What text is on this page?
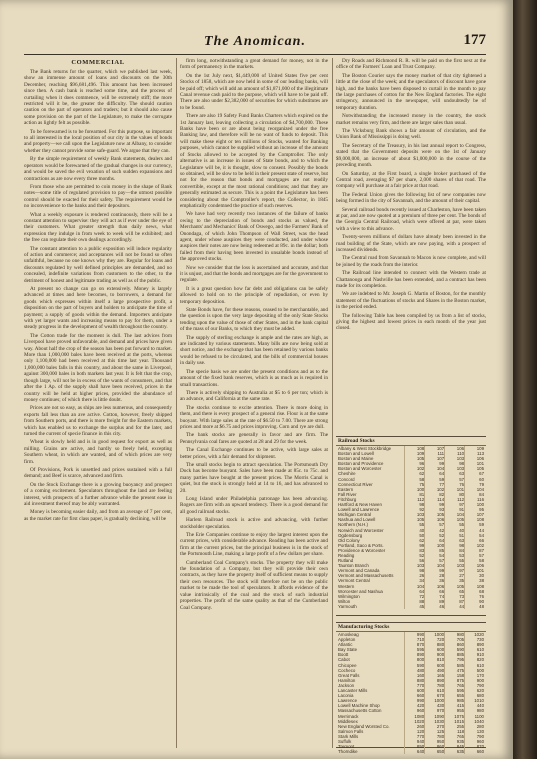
The Anomican.	177
COMMERCIAL

The Bank returns for the quarter, which we published last week, show an immense amount of loans and discounts on the 30th December, reaching $96,681,496. This amount has been increased since then. A cash bank is reached some time, and the process of curtailing when it does commence, will be extremely stiff; the more restricted will it be, the greater the difficulty. The should caution caution on the part of operators and traders; but it should also cause some provision on the part of the Legislature, to make the corrugate action as lightly felt as possible.

To be forewarned is to be forearmed. For this purpose, so important to all interested in the local position of our city in the values of bonds and property—we call upon the Legislature now at Albany, to consider whether they cannot provide some safe-guard. We argue that they can.

By the simple requirement of weekly Bank statements, dealers and operators would be forewarned of the gradual changes in our currency, and would be saved the evil vexation of such sudden expansions and contractions as are now every three months.

From those who are permitted to coin money in the shape of Bank notes—some title of regulated provision to pay—the utmost possible control should be exacted for their safety. The requirement would be no inconvenience to the banks and their depositors.

What a weekly exposure is rendered continuously, there will be a constant attention to supervise: they will act as if ever under the eye of their customers. What greater strength than daily news, what expression they indulge in from week to week will be exhibited; and the free can regulate their own dealings accordingly.

The constant attention to a public exposition will induce regularity of action and commerce; and acceptances will not be found so often unfaithful, because no one knows why they are. Regular for loans and discounts regulated by well defined principles are demanded, and no concealed, indefinite variations from customers to the other, to the detriment of honest and legitimate trading as well as of the public.

At present no change can go on extensively. Money is largely advanced at times and here becomes, to borrowers, a demand for goods which expresses within itself a large prospective profit, a disposition on the part of buyers and holders to anticipate the time of payment; a supply of goods within the demand. Importers anticipate with yet larger wants and increasing means to pay for them, under a steady progress in the development of wealth throughout the country.

The Cotton trade for the moment is dull. The last advices from Liverpool have proved unfavorable, and demand and prices have given way. About half the crop of the season has been put forward to market. More than 1,000,000 bales have been received at the ports, whereas only 1,100,000 had been received at this time last year. Thousand 1,000,000 bales falls in this country, and about the same in Liverpool, against 300,000 bales in both markets last year. It is felt that the crop, though large, will not be in excess of the wants of consumers, and that after the 1 Ap. of the supply shall have been received, prices in the country will be held at higher prices, provided the abundance of money continues; of which there is little doubt.

Prices are not so easy, as ships are less numerous, and consequently exports fall less than an ave active. Cotton, however, freely shipped from Southern ports, and there is more freight for the Eastern markets, which has enabled us to exchange the surplus and for the later, and turned the current of specie finance in this city.

Wheat is slowly held and is in good request for export as well as milling. Grains are active, and hardly so freely held, excepting Southern wheat, in which are wanted, and of which prices are very firm.

Of Provisions, Pork is unsettled and prices sustained with a full demand; and Beef is scarce, advanced and firm.

On the Stock Exchange there is a growing buoyancy and prospect of a coming excitement. Speculators throughout the land are feeling interest, with prospects of a further advance while the present ease in aid investment thereof may be ably warranted.

Money is becoming easier daily, and from an average of 7 per cent, as the market rate for first class paper, is gradually declining, will be

firm long, notwithstanding a great demand for money, not in the form of permanency in the markets.

On the 1st July next, $1,449,000 of United States five per cent Stocks of 1858, which are now held in some of our leading banks, will be paid off; which will add an amount of $1,871,000 of the illegitimate Canal revenue cash paid to the purpose, which will have to be paid off. There are also under $2,382,000 of securities for which substitutes are to be found.

There are also 19 Safety Fund Banks Charters which expired on the 1st January last, leaving collecting a circulation of $4,700,000. These Banks have been or are about being reorganized under the free Banking law, and therefore will be no want of funds to deposit. This will make these eight or ten millions of Stocks, wanted for Banking purposes, which cannot be supplied without an increase of the amount of Stocks allowed to be accepted by the Comptroller. The only alternative is an increase in issues of State bonds, and to which the Legislature will be, it is thought, slow to consent. Possibly the bonds so obtained, will be slow to be held in their present state of reserve, but not for the reason that bonds and mortgages are not readily convertible, except at the most rational conditions; and that they are generally estimated as secure. This is a point the Legislature has been considering about the Comptroller's report, the Collector, in 1845 emphatically condemned the practice of such reserves.

We have had very recently two instances of the failure of banks owing to the depreciation of bonds and stocks as valued, the Merchants' and Mechanics' Bank of Oswego, and the Farmers' Bank of Onondaga, of which John Thompson of Wall Street, was the head agent, under whose auspices they were conducted, and under whose auspices their notes are now being redeemed at 89c. in the dollar; both failed from their having been invested in unsalable bonds instead of the approved stocks.

Now we consider that the loss is ascertained and accurate, and that it is unjust, and that the bonds and mortgages are for the government to regulate.

It is a great question how far debt and obligations can be safely allowed to hold on to the principle of repudiation, or even by temporary deposition.

State Bonds have, for these reasons, ceased to be merchantable, and the question is upon the very large depositing of the only State Stocks tending upon the value of those of other States, and in the bank capital of the mass of our Banks, to which they must be added.

The supply of sterling exchange is ample and the rates are high, as are indicated by various statements. Many bills are now being sold at short notice, and the exchange that has been retained by various banks would be refused to be circulated, and the bills of commercial houses in daily use.

The specie basis we are under the present conditions and as to the amount of the fixed bank reserves, which is as much as is required in small transactions.

There is actively shipping to Australia at $5 to 6 per ton; which is an advance, and California at the same rate.

The stocks continue to excite attention. There is more doing in them, and there is every prospect of a general rise. Flour is at the same buoyant. With large sales at the rate of $6.50 to 7.00. There are strong prices and more at $6.75 and prices improving. Corn and rye are dull.

The bank stocks are generally in favor and are firm. The Pennsylvania coal fares are quoted at 28 and 29 for the week.

The Canal Exchange continues to be active, with large sales at better prices, with a fair demand for shipment.

The small stocks begin to attract speculation. The Portsmouth Dry Dock has become buoyant. Sales have been made at 85c. to 75c. and many parties have bought at the present prices. The Morris Canal is quiet, but the stock is strongly held at 14 to 16, and has advanced to 20.

Long Island under Philadelphia patronage has been advancing. Rogers are firm with an upward tendency. There is a good demand for all good railroad stocks.

Harlem Railroad stock is active and advancing, with further stockholder speculation.

The Erie Companies continue to enjoy the largest interest upon the current prices, with considerable advance. Reading has been active and firm at the current prices, but the principal business is in the stock of the Portsmouth Line, making a large profit of a few dollars per share.

Cumberland Coal Company's stocks. The property they will make the foundation of a Company, but they will provide their own contracts, as they have the property itself of sufficient means to supply their own resources. The stock will therefore not be on the public market to be made the tool of speculators. It affords evidence of the value intrinsically of the coal and the stock of such industrial properties. The profit of the same quality as that of the Cumberland Coal Company.

Dry Roads and Richmond R. R. will be paid on the first next at the office of the Farmers' Loan and Trust Company.

The Boston Courier says the money market of that city tightened a little at the close of the week; and the speculators of discount have gone high, and the banks have been disposed to curtail in the month to pay the large purchases of cotton for the New England factories. The eight stringency, announced in the newspaper, will undoubtedly be of temporary duration.

Notwithstanding the increased money in the country, the stock market remains very firm, and there are larger sales than usual.

The Vicksburg Bank shows a fair amount of circulation, and the Union Bank of Mississippi is doing well.

The Secretary of the Treasury, in his last annual report to Congress, stated that the Government deposits were on the 1st of January $9,000,000, an increase of about $1,000,000 in the course of the preceding month.

On Saturday, at the First board, a single broker purchased of the Central road, averaging $7 per share, 2,000 shares of that road. The company will purchase at a fair price at that road.

The Federal Union gives the following list of new companies now being formed in the city of Savannah, and the amount of their capital.

Several railroad bonds recently issued at Charleston, have been taken at par, and are now quoted at a premium of three per cent. The bonds of the Georgia Central Railroad, which were offered at par, were taken with a view to this advance.

Twenty-seven millions of dollars have already been invested in the road building of the State, which are now paying, with a prospect of increased dividends.

The Central road from Savannah to Macon is now complete, and will be joined by the roads from the interior.

The Railroad line intended to connect with the Western trade at Chattanooga and Nashville has been extended, and a contract has been made for its completion.

We are indebted to Mr. Joseph G. Martin of Boston, for the monthly statement of the fluctuations of stocks and Shares in the Boston market, in the period ended.

The following Table has been compiled by us from a list of stocks, giving the highest and lowest prices in each month of the year just closed.

Railroad Stocks
Albany & West Stockbridge	108	107	106	109
Boston and Lowell	109	111	110	113
Boston and Maine	105	107	103	106
Boston and Providence	96	99	98	101
Boston and Worcester	102	104	103	105
Cheshire	62	64	63	67
Concord	58	59	57	60
Connecticut River	75	77	76	79
Eastern	100	102	101	104
Fall River	81	82	80	84
Fitchburg	112	114	112	116
Hartford & New Haven	98	99	97	100
Lowell and Lawrence	92	93	91	95
Michigan Central	103	105	104	107
Nashua and Lowell	105	106	105	108
Northern (N.H.)	55	57	55	59
Norwich and Worcester	40	42	40	44
Ogdensburg	50	52	51	54
Old Colony	62	64	63	66
Portland, Saco & Ports.	99	100	98	102
Providence & Worcester	83	85	84	87
Reading	52	54	53	57
Rutland	56	57	55	58
Taunton Branch	103	104	103	106
Vermont and Canada	98	99	97	101
Vermont and Massachusetts	26	28	27	30
Vermont Central	34	36	35	38
Western	104	106	105	108
Worcester and Nashua	64	66	65	68
Wilmington	72	74	73	76
Wilton	88	89	87	90
Yarmouth	45	46	44	48
Manufacturing Stocks
Amoskeag	990	1000	980	1020
Appleton	710	720	705	730
Atlantic	870	880	860	890
Bay State	595	600	590	610
Boott	890	900	885	910
Cabot	800	810	795	820
Chicopee	590	600	585	610
Cocheco	480	490	475	500
Great Falls	160	165	158	170
Hamilton	880	890	875	900
Jackson	770	780	765	790
Lancaster Mills	600	610	595	620
Laconia	660	670	655	680
Lawrence	990	1000	985	1010
Lowell Machine Shop	420	430	415	440
Massachusetts Cotton	960	970	955	980
Merrimack	1080	1090	1075	1100
Middlesex	1020	1030	1015	1040
New England Worsted Co.	260	270	255	280
Salmon Falls	120	125	118	130
Stark Mills	770	780	765	790
Suffolk	940	950	935	960
Tremont	850	860	845	870
Thorndike	640	650	635	660
